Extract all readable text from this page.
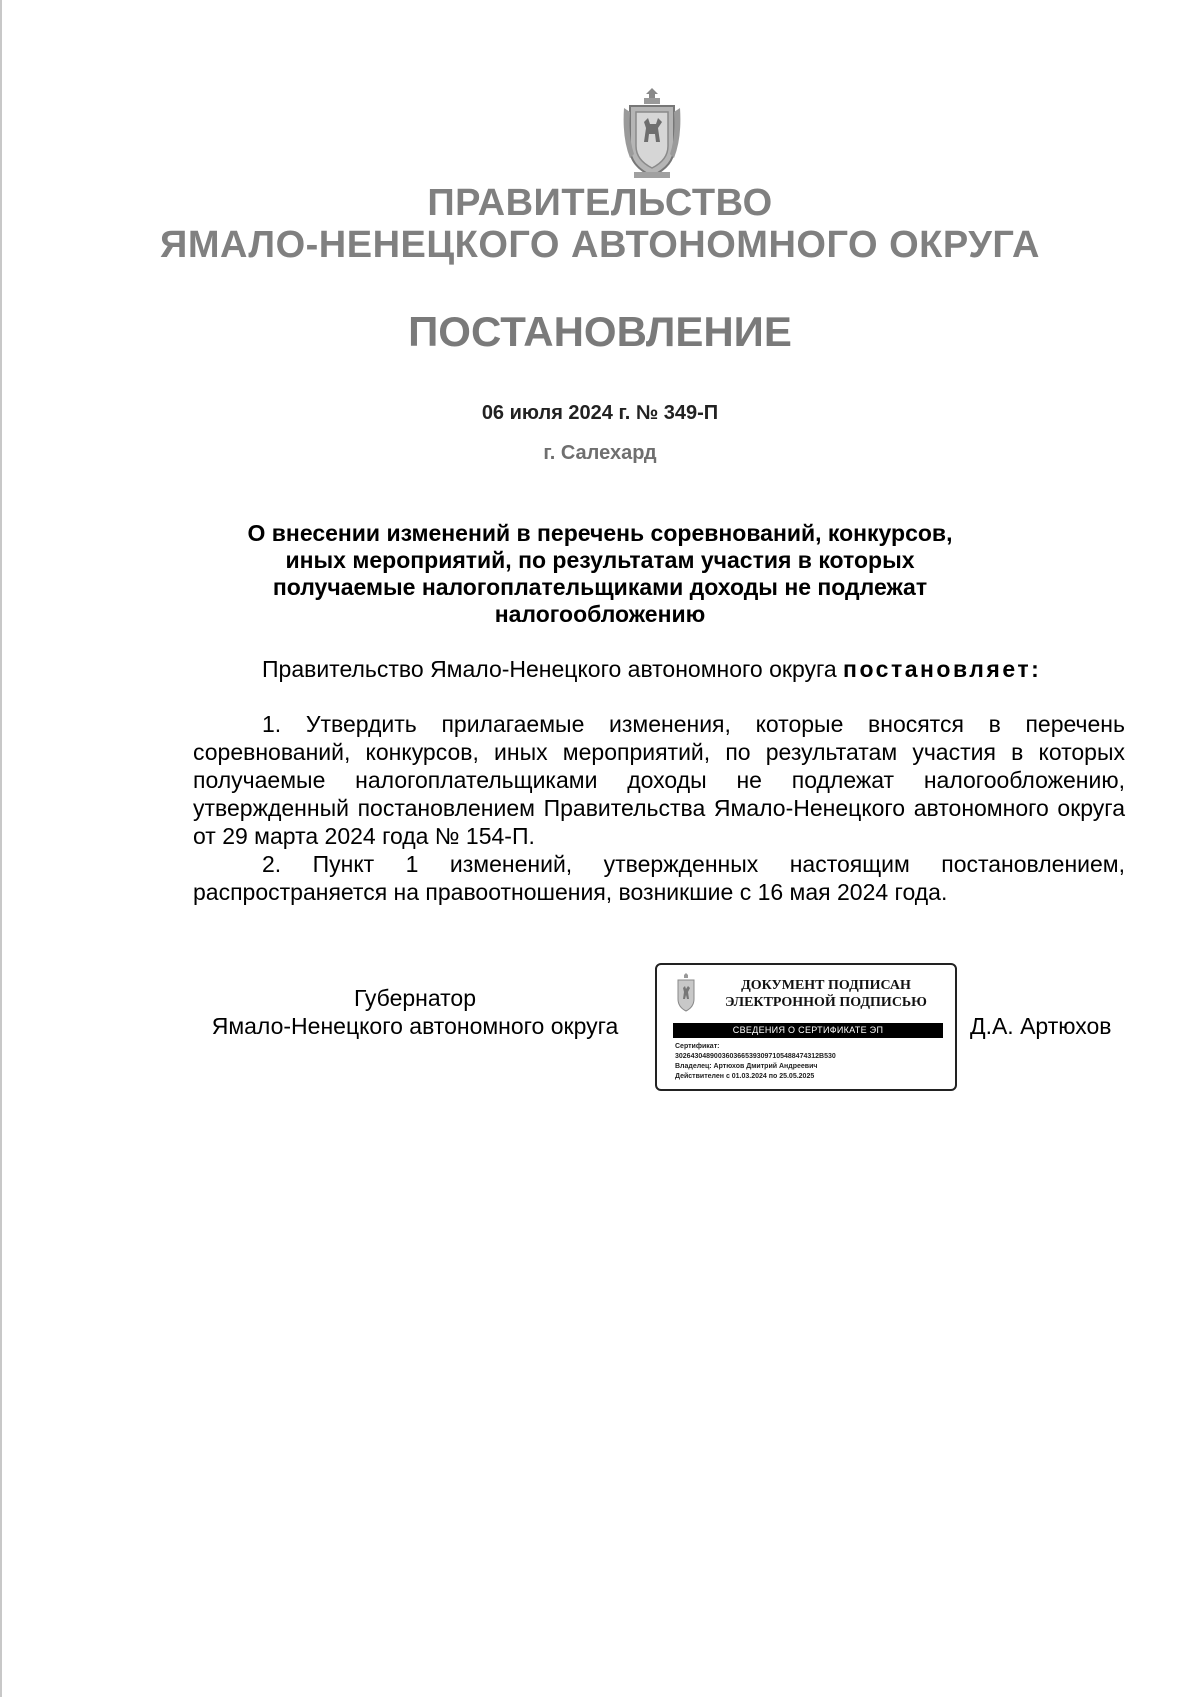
ПРАВИТЕЛЬСТВО
ЯМАЛО-НЕНЕЦКОГО АВТОНОМНОГО ОКРУГА
ПОСТАНОВЛЕНИЕ
06 июля 2024 г. № 349-П
г. Салехард
О внесении изменений в перечень соревнований, конкурсов, иных мероприятий, по результатам участия в которых получаемые налогоплательщиками доходы не подлежат налогообложению
Правительство Ямало-Ненецкого автономного округа постановляет:

1. Утвердить прилагаемые изменения, которые вносятся в перечень соревнований, конкурсов, иных мероприятий, по результатам участия в которых получаемые налогоплательщиками доходы не подлежат налогообложению, утвержденный постановлением Правительства Ямало-Ненецкого автономного округа от 29 марта 2024 года № 154-П.

2. Пункт 1 изменений, утвержденных настоящим постановлением, распространяется на правоотношения, возникшие с 16 мая 2024 года.

Губернатор
Ямало-Ненецкого автономного округа
ДОКУМЕНТ ПОДПИСАН
ЭЛЕКТРОННОЙ ПОДПИСЬЮ
СВЕДЕНИЯ О СЕРТИФИКАТЕ ЭП
Сертификат:
3026430489003603665393097105488474312B530
Владелец: Артюхов Дмитрий Андреевич
Действителен с 01.03.2024 по 25.05.2025
Д.А. Артюхов
